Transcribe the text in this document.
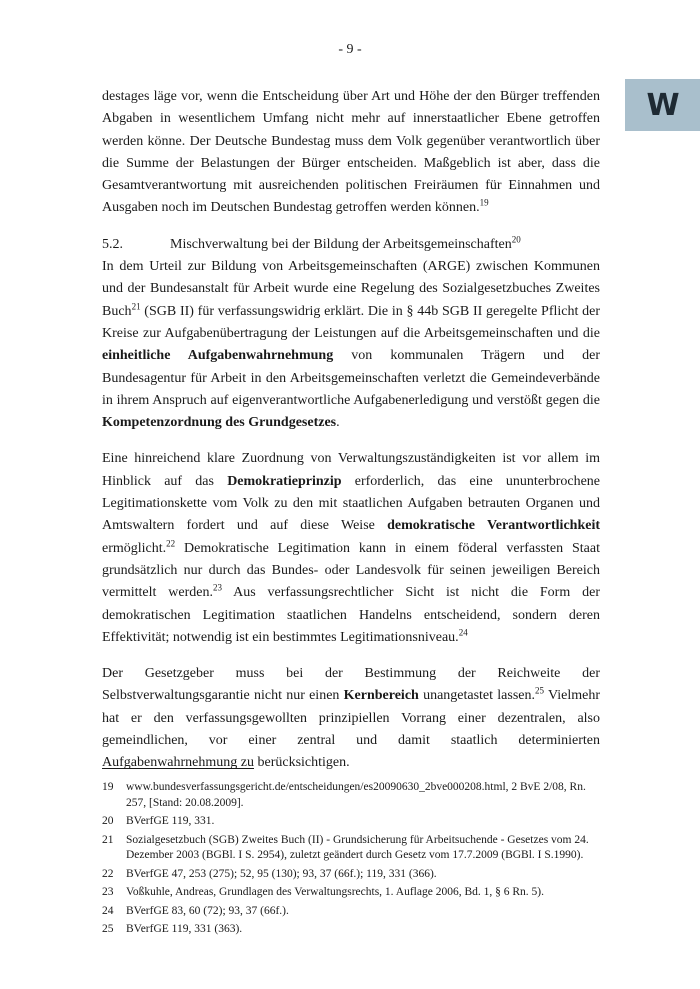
- 9 -
W

destages läge vor, wenn die Entscheidung über Art und Höhe der den Bürger treffenden Abgaben in wesentlichem Umfang nicht mehr auf innerstaatlicher Ebene getroffen werden könne. Der Deutsche Bundestag muss dem Volk gegenüber verantwortlich über die Summe der Belastungen der Bürger entscheiden. Maßgeblich ist aber, dass die Gesamtverantwortung mit ausreichenden politischen Freiräumen für Einnahmen und Ausgaben noch im Deutschen Bundestag getroffen werden können.$^{19}$

5.2.	Mischverwaltung bei der Bildung der Arbeitsgemeinschaften$^{20}$

In dem Urteil zur Bildung von Arbeitsgemeinschaften (ARGE) zwischen Kommunen und der Bundesanstalt für Arbeit wurde eine Regelung des Sozialgesetzbuches Zweites Buch$^{21}$ (SGB II) für verfassungswidrig erklärt. Die in § 44b SGB II geregelte Pflicht der Kreise zur Aufgabenübertragung der Leistungen auf die Arbeitsgemeinschaften und die einheitliche Aufgabenwahrnehmung von kommunalen Trägern und der Bundesagentur für Arbeit in den Arbeitsgemeinschaften verletzt die Gemeindeverbände in ihrem Anspruch auf eigenverantwortliche Aufgabenerledigung und verstößt gegen die Kompetenzordnung des Grundgesetzes.

Eine hinreichend klare Zuordnung von Verwaltungszuständigkeiten ist vor allem im Hinblick auf das Demokratieprinzip erforderlich, das eine ununterbrochene Legitimationskette vom Volk zu den mit staatlichen Aufgaben betrauten Organen und Amtswaltern fordert und auf diese Weise demokratische Verantwortlichkeit ermöglicht.$^{22}$ Demokratische Legitimation kann in einem föderal verfassten Staat grundsätzlich nur durch das Bundes- oder Landesvolk für seinen jeweiligen Bereich vermittelt werden.$^{23}$ Aus verfassungsrechtlicher Sicht ist nicht die Form der demokratischen Legitimation staatlichen Handelns entscheidend, sondern deren Effektivität; notwendig ist ein bestimmtes Legitimationsniveau.$^{24}$

Der Gesetzgeber muss bei der Bestimmung der Reichweite der Selbstverwaltungsgarantie nicht nur einen Kernbereich unangetastet lassen.$^{25}$ Vielmehr hat er den verfassungsgewollten prinzipiellen Vorrang einer dezentralen, also gemeindlichen, vor einer zentral und damit staatlich determinierten Aufgabenwahrnehmung zu berücksichtigen.

19	www.bundesverfassungsgericht.de/entscheidungen/es20090630_2bve000208.html, 2 BvE 2/08, Rn. 257, [Stand: 20.08.2009].
20	BVerfGE 119, 331.
21	Sozialgesetzbuch (SGB) Zweites Buch (II) - Grundsicherung für Arbeitsuchende - Gesetzes vom 24. Dezember 2003 (BGBl. I S. 2954), zuletzt geändert durch Gesetz vom 17.7.2009 (BGBl. I S.1990).
22	BVerfGE 47, 253 (275); 52, 95 (130); 93, 37 (66f.); 119, 331 (366).
23	Voßkuhle, Andreas, Grundlagen des Verwaltungsrechts, 1. Auflage 2006, Bd. 1, § 6 Rn. 5).
24	BVerfGE 83, 60 (72); 93, 37 (66f.).
25	BVerfGE 119, 331 (363).
